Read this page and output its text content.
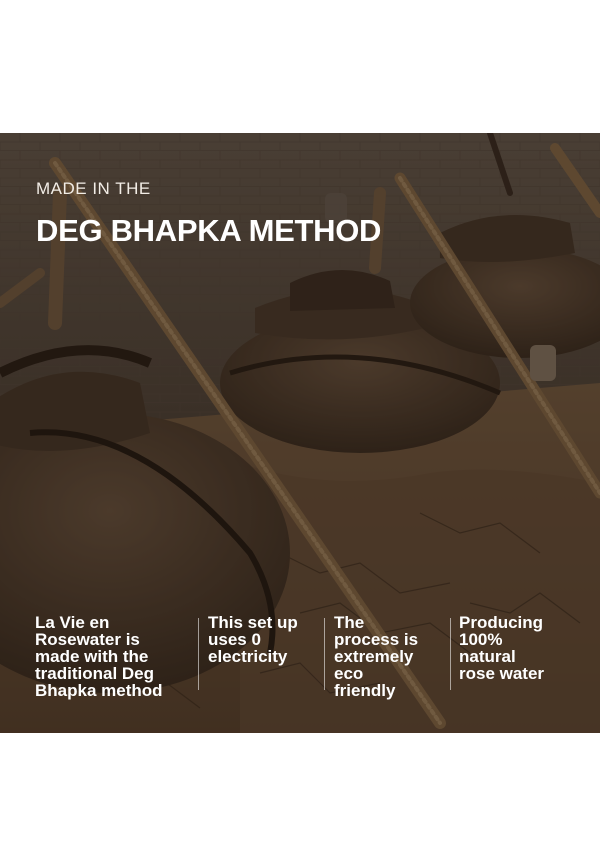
MADE IN THE
DEG BHAPKA METHOD
La Vie en
Rosewater is
made with the
traditional Deg
Bhapka method
This set up
uses 0
electricity
The
process is
extremely
eco
friendly
Producing
100%
natural
rose water
